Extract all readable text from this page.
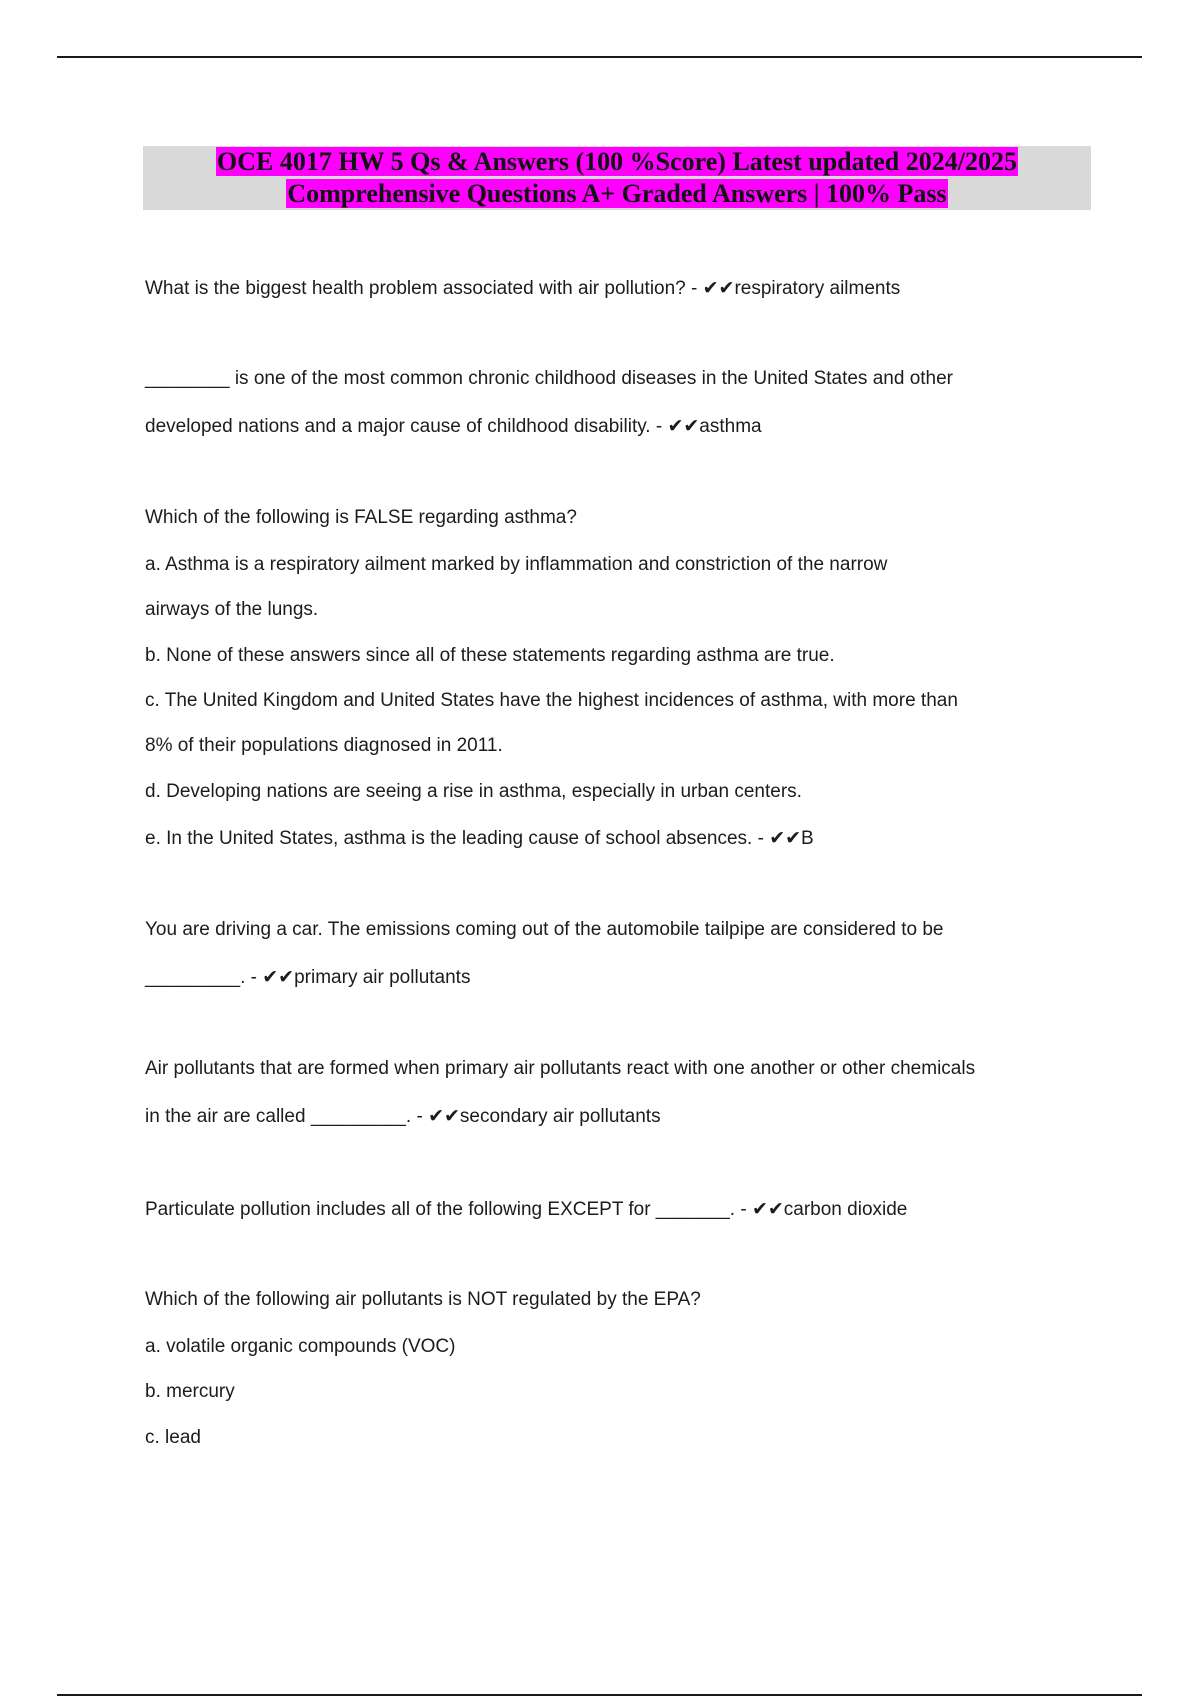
OCE 4017 HW 5 Qs & Answers (100 %Score) Latest updated 2024/2025
Comprehensive Questions A+ Graded Answers | 100% Pass
What is the biggest health problem associated with air pollution? - ✔✔respiratory ailments
________ is one of the most common chronic childhood diseases in the United States and other
developed nations and a major cause of childhood disability. - ✔✔asthma
Which of the following is FALSE regarding asthma?
a. Asthma is a respiratory ailment marked by inflammation and constriction of the narrow
airways of the lungs.
b. None of these answers since all of these statements regarding asthma are true.
c. The United Kingdom and United States have the highest incidences of asthma, with more than
8% of their populations diagnosed in 2011.
d. Developing nations are seeing a rise in asthma, especially in urban centers.
e. In the United States, asthma is the leading cause of school absences. - ✔✔B
You are driving a car. The emissions coming out of the automobile tailpipe are considered to be
_________. - ✔✔primary air pollutants
Air pollutants that are formed when primary air pollutants react with one another or other chemicals
in the air are called _________. - ✔✔secondary air pollutants
Particulate pollution includes all of the following EXCEPT for _______. - ✔✔carbon dioxide
Which of the following air pollutants is NOT regulated by the EPA?
a. volatile organic compounds (VOC)
b. mercury
c. lead
